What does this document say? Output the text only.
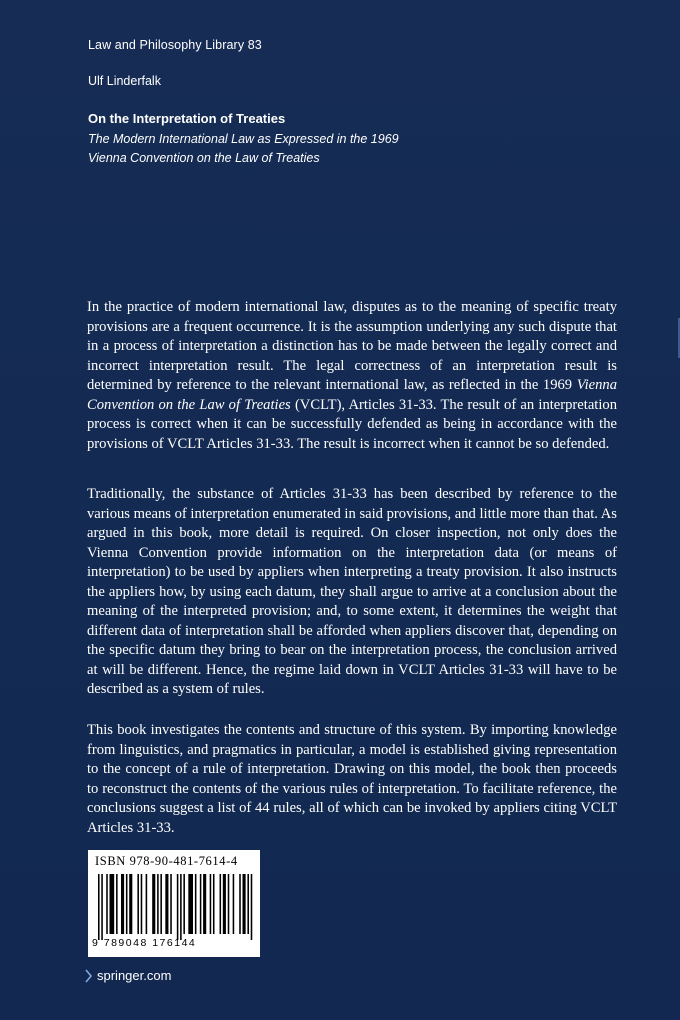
Law and Philosophy Library 83
Ulf Linderfalk
On the Interpretation of Treaties
The Modern International Law as Expressed in the 1969
Vienna Convention on the Law of Treaties

In the practice of modern international law, disputes as to the meaning of specific treaty provisions are a frequent occurrence. It is the assumption underlying any such dispute that in a process of interpretation a distinction has to be made between the legally correct and incorrect interpretation result. The legal correctness of an interpretation result is determined by reference to the relevant international law, as reflected in the 1969 Vienna Convention on the Law of Treaties (VCLT), Articles 31-33. The result of an interpretation process is correct when it can be successfully defended as being in accordance with the provisions of VCLT Articles 31-33. The result is incorrect when it cannot be so defended.

Traditionally, the substance of Articles 31-33 has been described by reference to the various means of interpretation enumerated in said provisions, and little more than that. As argued in this book, more detail is required. On closer inspection, not only does the Vienna Convention provide information on the interpretation data (or means of interpretation) to be used by appliers when interpreting a treaty provision. It also instructs the appliers how, by using each datum, they shall argue to arrive at a conclusion about the meaning of the interpreted provision; and, to some extent, it determines the weight that different data of interpretation shall be afforded when appliers discover that, depending on the specific datum they bring to bear on the interpretation process, the conclusion arrived at will be different. Hence, the regime laid down in VCLT Articles 31-33 will have to be described as a system of rules.

This book investigates the contents and structure of this system. By importing knowledge from linguistics, and pragmatics in particular, a model is established giving representation to the concept of a rule of interpretation. Drawing on this model, the book then proceeds to reconstruct the contents of the various rules of interpretation. To facilitate reference, the conclusions suggest a list of 44 rules, all of which can be invoked by appliers citing VCLT Articles 31-33.

ISBN 978-90-481-7614-4
9 789048 176144
springer.com
